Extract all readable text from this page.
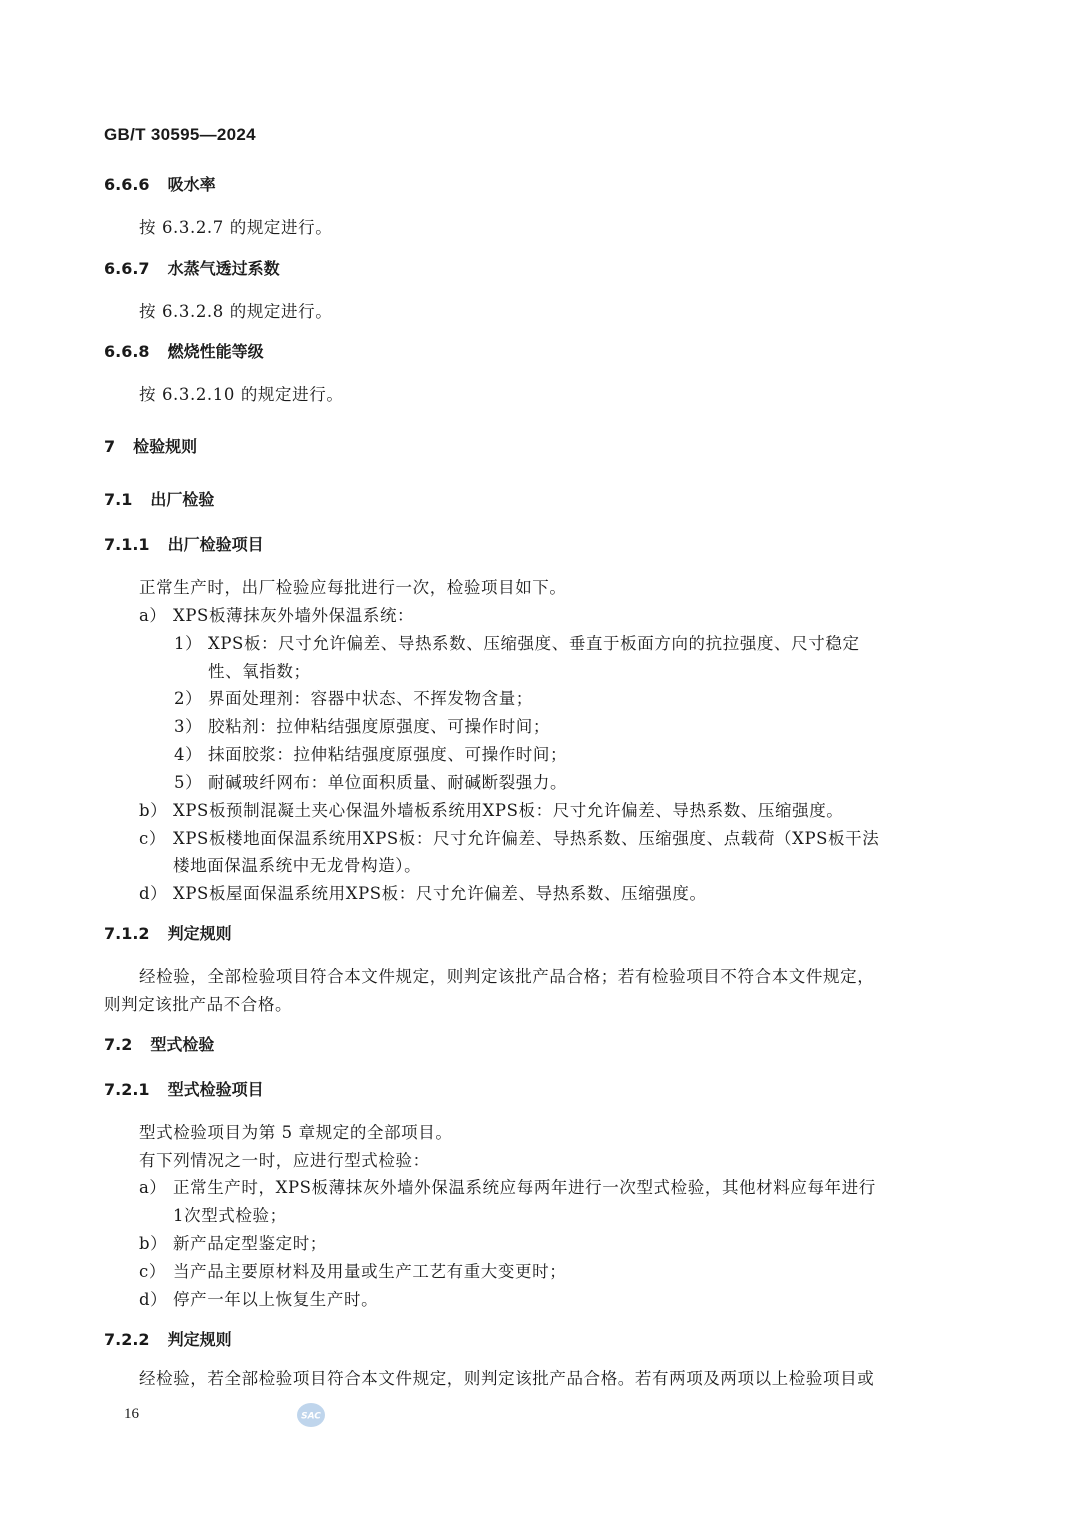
GB/T 30595—2024
6.6.6 吸水率
按 6.3.2.7 的规定进行。
6.6.7 水蒸气透过系数
按 6.3.2.8 的规定进行。
6.6.8 燃烧性能等级
按 6.3.2.10 的规定进行。
7 检验规则
7.1 出厂检验
7.1.1 出厂检验项目
正常生产时，出厂检验应每批进行一次，检验项目如下。
a） XPS板薄抹灰外墙外保温系统：
1） XPS板：尺寸允许偏差、导热系数、压缩强度、垂直于板面方向的抗拉强度、尺寸稳定
性、氧指数；
2） 界面处理剂：容器中状态、不挥发物含量；
3） 胶粘剂：拉伸粘结强度原强度、可操作时间；
4） 抹面胶浆：拉伸粘结强度原强度、可操作时间；
5） 耐碱玻纤网布：单位面积质量、耐碱断裂强力。
b） XPS板预制混凝土夹心保温外墙板系统用XPS板：尺寸允许偏差、导热系数、压缩强度。
c） XPS板楼地面保温系统用XPS板：尺寸允许偏差、导热系数、压缩强度、点载荷（XPS板干法
楼地面保温系统中无龙骨构造）。
d） XPS板屋面保温系统用XPS板：尺寸允许偏差、导热系数、压缩强度。
7.1.2 判定规则
经检验，全部检验项目符合本文件规定，则判定该批产品合格；若有检验项目不符合本文件规定，
则判定该批产品不合格。
7.2 型式检验
7.2.1 型式检验项目
型式检验项目为第 5 章规定的全部项目。
有下列情况之一时，应进行型式检验：
a） 正常生产时，XPS板薄抹灰外墙外保温系统应每两年进行一次型式检验，其他材料应每年进行
1次型式检验；
b） 新产品定型鉴定时；
c） 当产品主要原材料及用量或生产工艺有重大变更时；
d） 停产一年以上恢复生产时。
7.2.2 判定规则
经检验，若全部检验项目符合本文件规定，则判定该批产品合格。若有两项及两项以上检验项目或
16	SAC
